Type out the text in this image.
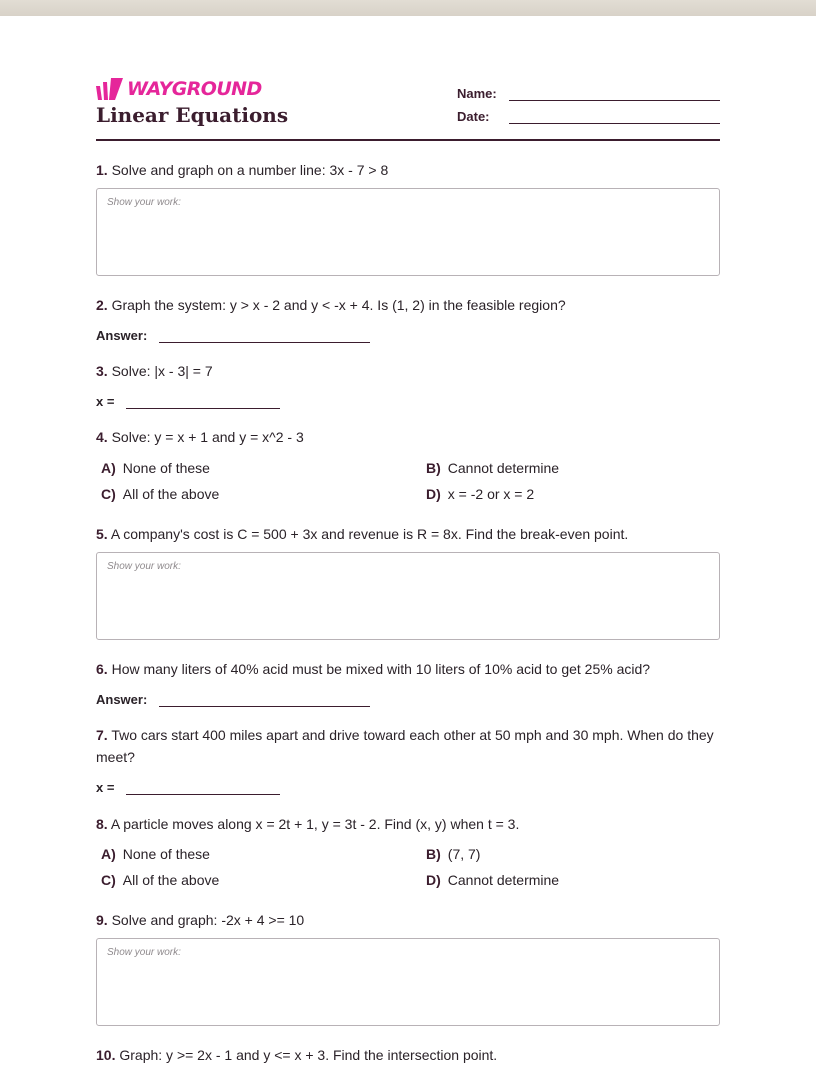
WAYGROUND
Linear Equations
Name:
Date:
1. Solve and graph on a number line: 3x - 7 > 8
Show your work:
2. Graph the system: y > x - 2 and y < -x + 4. Is (1, 2) in the feasible region?
Answer:
3. Solve: |x - 3| = 7
x =
4. Solve: y = x + 1 and y = x^2 - 3
A) None of these	B) Cannot determine
C) All of the above	D) x = -2 or x = 2
5. A company's cost is C = 500 + 3x and revenue is R = 8x. Find the break-even point.
Show your work:
6. How many liters of 40% acid must be mixed with 10 liters of 10% acid to get 25% acid?
Answer:
7. Two cars start 400 miles apart and drive toward each other at 50 mph and 30 mph. When do they meet?
x =
8. A particle moves along x = 2t + 1, y = 3t - 2. Find (x, y) when t = 3.
A) None of these	B) (7, 7)
C) All of the above	D) Cannot determine
9. Solve and graph: -2x + 4 >= 10
Show your work:
10. Graph: y >= 2x - 1 and y <= x + 3. Find the intersection point.
